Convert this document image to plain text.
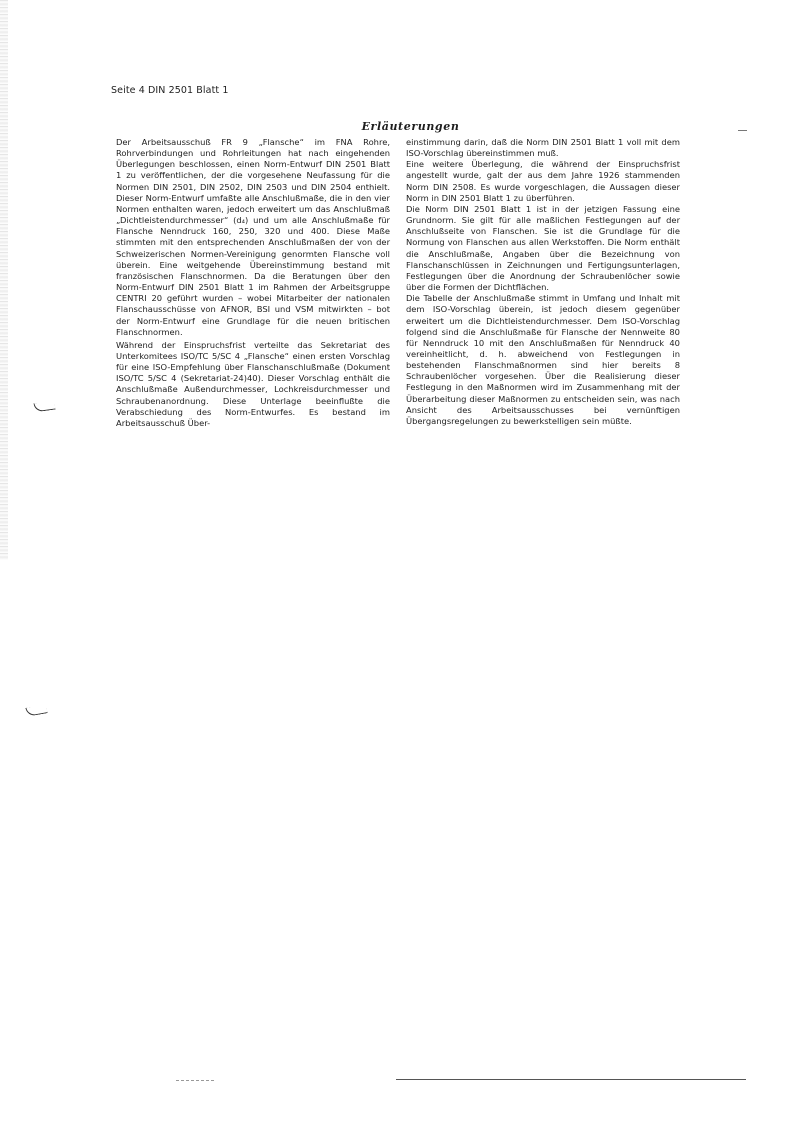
Seite 4 DIN 2501 Blatt 1
Erläuterungen

Der Arbeitsausschuß FR 9 „Flansche“ im FNA Rohre, Rohrverbindungen und Rohrleitungen hat nach eingehenden Überlegungen beschlossen, einen Norm-Entwurf DIN 2501 Blatt 1 zu veröffentlichen, der die vorgesehene Neufassung für die Normen DIN 2501, DIN 2502, DIN 2503 und DIN 2504 enthielt. Dieser Norm-Entwurf umfaßte alle Anschlußmaße, die in den vier Normen enthalten waren, jedoch erweitert um das Anschlußmaß „Dichtleistendurchmesser“ (d₄) und um alle Anschlußmaße für Flansche Nenndruck 160, 250, 320 und 400. Diese Maße stimmten mit den entsprechenden Anschlußmaßen der von der Schweizerischen Normen-Vereinigung genormten Flansche voll überein. Eine weitgehende Übereinstimmung bestand mit französischen Flanschnormen. Da die Beratungen über den Norm-Entwurf DIN 2501 Blatt 1 im Rahmen der Arbeitsgruppe CENTRI 20 geführt wurden – wobei Mitarbeiter der nationalen Flanschausschüsse von AFNOR, BSI und VSM mitwirkten – bot der Norm-Entwurf eine Grundlage für die neuen britischen Flanschnormen.

Während der Einspruchsfrist verteilte das Sekretariat des Unterkomitees ISO/TC 5/SC 4 „Flansche“ einen ersten Vorschlag für eine ISO-Empfehlung über Flanschanschlußmaße (Dokument ISO/TC 5/SC 4 (Sekretariat-24)40). Dieser Vorschlag enthält die Anschlußmaße Außendurchmesser, Lochkreisdurchmesser und Schraubenanordnung. Diese Unterlage beeinflußte die Verabschiedung des Norm-Entwurfes. Es bestand im Arbeitsausschuß Über-

einstimmung darin, daß die Norm DIN 2501 Blatt 1 voll mit dem ISO-Vorschlag übereinstimmen muß.

Eine weitere Überlegung, die während der Einspruchsfrist angestellt wurde, galt der aus dem Jahre 1926 stammenden Norm DIN 2508. Es wurde vorgeschlagen, die Aussagen dieser Norm in DIN 2501 Blatt 1 zu überführen.

Die Norm DIN 2501 Blatt 1 ist in der jetzigen Fassung eine Grundnorm. Sie gilt für alle maßlichen Festlegungen auf der Anschlußseite von Flanschen. Sie ist die Grundlage für die Normung von Flanschen aus allen Werkstoffen. Die Norm enthält die Anschlußmaße, Angaben über die Bezeichnung von Flanschanschlüssen in Zeichnungen und Fertigungsunterlagen, Festlegungen über die Anordnung der Schraubenlöcher sowie über die Formen der Dichtflächen.

Die Tabelle der Anschlußmaße stimmt in Umfang und Inhalt mit dem ISO-Vorschlag überein, ist jedoch diesem gegenüber erweitert um die Dichtleistendurchmesser. Dem ISO-Vorschlag folgend sind die Anschlußmaße für Flansche der Nennweite 80 für Nenndruck 10 mit den Anschlußmaßen für Nenndruck 40 vereinheitlicht, d. h. abweichend von Festlegungen in bestehenden Flanschmaßnormen sind hier bereits 8 Schraubenlöcher vorgesehen. Über die Realisierung dieser Festlegung in den Maßnormen wird im Zusammenhang mit der Überarbeitung dieser Maßnormen zu entscheiden sein, was nach Ansicht des Arbeitsausschusses bei vernünftigen Übergangsregelungen zu bewerkstelligen sein müßte.
